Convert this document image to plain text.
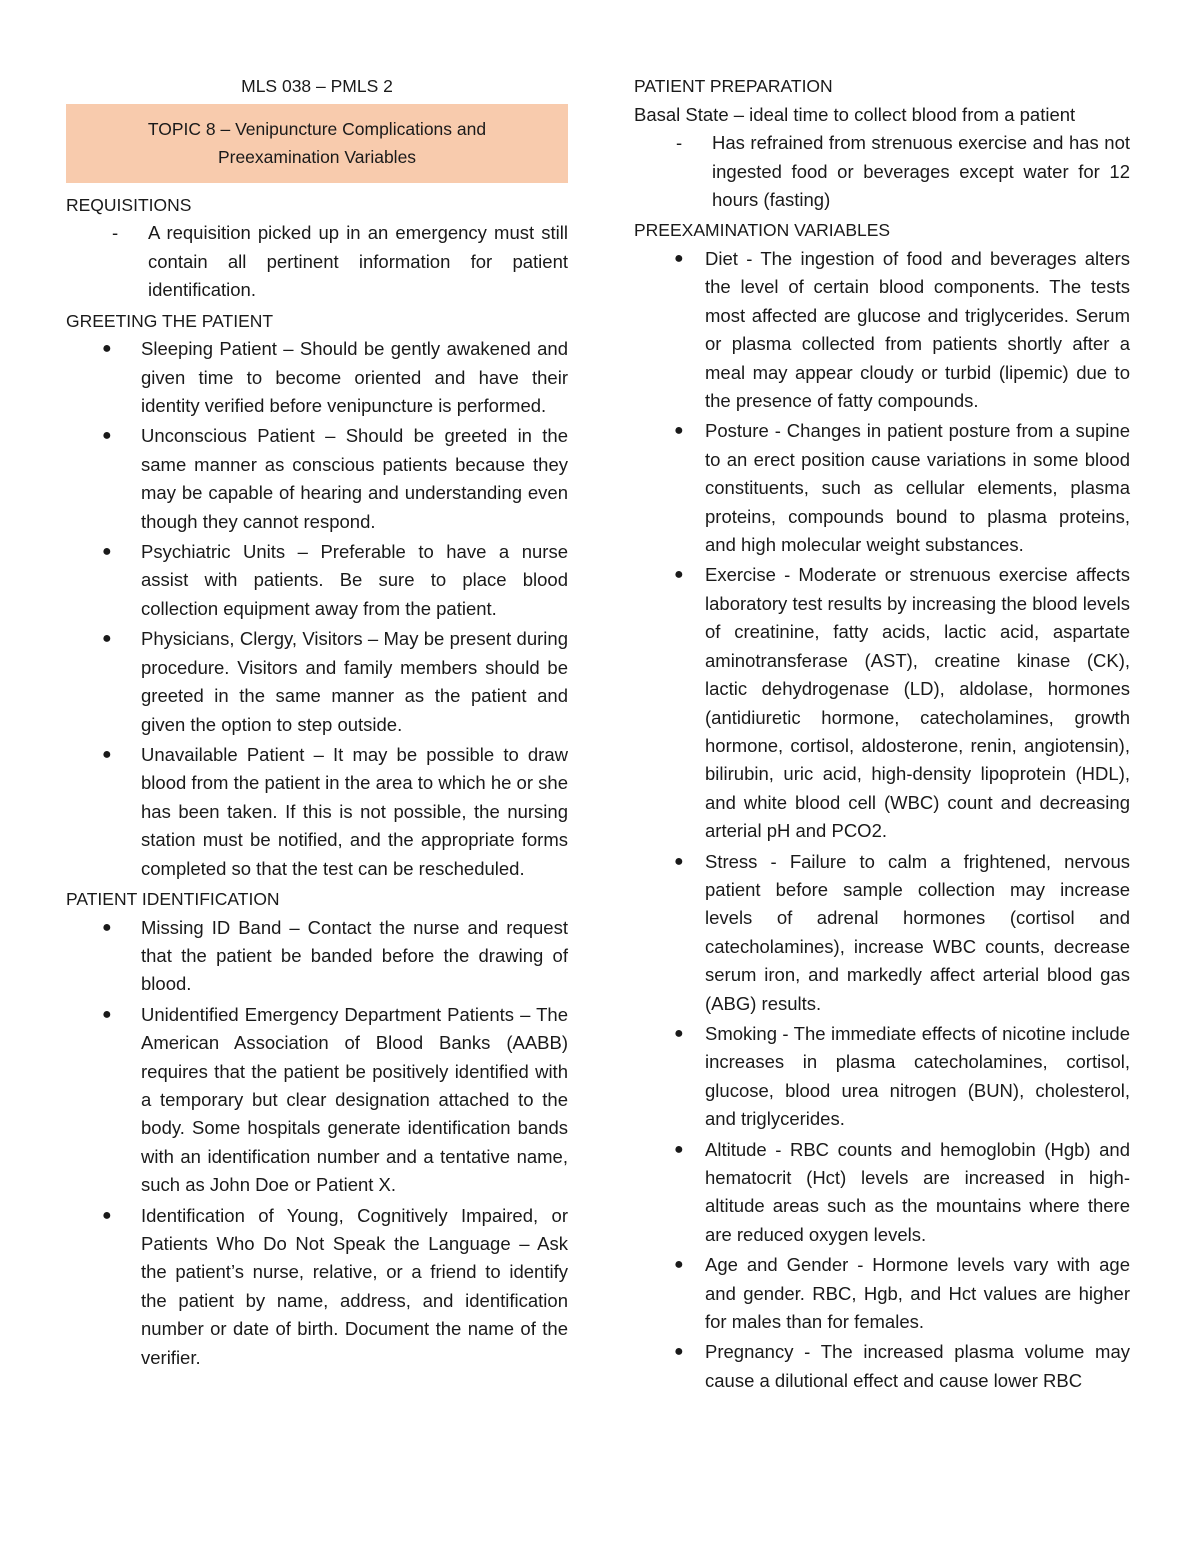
MLS 038 – PMLS 2
TOPIC 8 – Venipuncture Complications and
Preexamination Variables
REQUISITIONS
- A requisition picked up in an emergency must still contain all pertinent information for patient identification.
GREETING THE PATIENT
● Sleeping Patient – Should be gently awakened and given time to become oriented and have their identity verified before venipuncture is performed.
● Unconscious Patient – Should be greeted in the same manner as conscious patients because they may be capable of hearing and understanding even though they cannot respond.
● Psychiatric Units – Preferable to have a nurse assist with patients. Be sure to place blood collection equipment away from the patient.
● Physicians, Clergy, Visitors – May be present during procedure. Visitors and family members should be greeted in the same manner as the patient and given the option to step outside.
● Unavailable Patient – It may be possible to draw blood from the patient in the area to which he or she has been taken. If this is not possible, the nursing station must be notified, and the appropriate forms completed so that the test can be rescheduled.
PATIENT IDENTIFICATION
● Missing ID Band – Contact the nurse and request that the patient be banded before the drawing of blood.
● Unidentified Emergency Department Patients – The American Association of Blood Banks (AABB) requires that the patient be positively identified with a temporary but clear designation attached to the body. Some hospitals generate identification bands with an identification number and a tentative name, such as John Doe or Patient X.
● Identification of Young, Cognitively Impaired, or Patients Who Do Not Speak the Language – Ask the patient’s nurse, relative, or a friend to identify the patient by name, address, and identification number or date of birth. Document the name of the verifier.
PATIENT PREPARATION
Basal State – ideal time to collect blood from a patient
- Has refrained from strenuous exercise and has not ingested food or beverages except water for 12 hours (fasting)
PREEXAMINATION VARIABLES
● Diet - The ingestion of food and beverages alters the level of certain blood components. The tests most affected are glucose and triglycerides. Serum or plasma collected from patients shortly after a meal may appear cloudy or turbid (lipemic) due to the presence of fatty compounds.
● Posture - Changes in patient posture from a supine to an erect position cause variations in some blood constituents, such as cellular elements, plasma proteins, compounds bound to plasma proteins, and high molecular weight substances.
● Exercise - Moderate or strenuous exercise affects laboratory test results by increasing the blood levels of creatinine, fatty acids, lactic acid, aspartate aminotransferase (AST), creatine kinase (CK), lactic dehydrogenase (LD), aldolase, hormones (antidiuretic hormone, catecholamines, growth hormone, cortisol, aldosterone, renin, angiotensin), bilirubin, uric acid, high-density lipoprotein (HDL), and white blood cell (WBC) count and decreasing arterial pH and PCO2.
● Stress - Failure to calm a frightened, nervous patient before sample collection may increase levels of adrenal hormones (cortisol and catecholamines), increase WBC counts, decrease serum iron, and markedly affect arterial blood gas (ABG) results.
● Smoking - The immediate effects of nicotine include increases in plasma catecholamines, cortisol, glucose, blood urea nitrogen (BUN), cholesterol, and triglycerides.
● Altitude - RBC counts and hemoglobin (Hgb) and hematocrit (Hct) levels are increased in high-altitude areas such as the mountains where there are reduced oxygen levels.
● Age and Gender - Hormone levels vary with age and gender. RBC, Hgb, and Hct values are higher for males than for females.
● Pregnancy - The increased plasma volume may cause a dilutional effect and cause lower RBC
